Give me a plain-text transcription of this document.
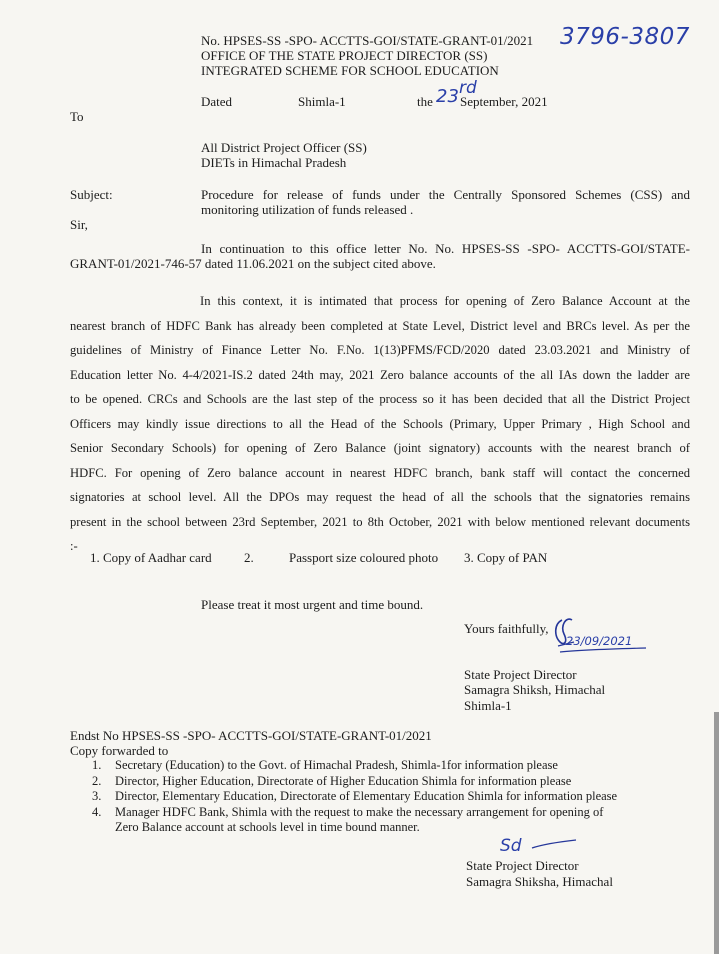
No. HPSES-SS -SPO- ACCTTS-GOI/STATE-GRANT-01/2021 3796-3807
OFFICE OF THE STATE PROJECT DIRECTOR (SS)
INTEGRATED SCHEME FOR SCHOOL EDUCATION
Dated	Shimla-1	the 23 rd
September, 2021
To
All District Project Officer (SS)
DIETs in Himachal Pradesh
Subject:	Procedure for release of funds under the Centrally Sponsored Schemes (CSS) and
monitoring utilization of funds released .
Sir,
In continuation to this office letter No. No. HPSES-SS -SPO- ACCTTS-GOI/STATE-
GRANT-01/2021-746-57 dated 11.06.2021 on the subject cited above.
In this context, it is intimated that process for opening of Zero Balance Account at the
nearest branch of HDFC Bank has already been completed at State Level, District level and BRCs level. As per the
guidelines of Ministry of Finance Letter No. F.No. 1(13)PFMS/FCD/2020 dated 23.03.2021 and Ministry of
Education letter No. 4-4/2021-IS.2 dated 24th may, 2021 Zero balance accounts of the all IAs down the ladder are
to be opened. CRCs and Schools are the last step of the process so it has been decided that all the District Project
Officers may kindly issue directions to all the Head of the Schools (Primary, Upper Primary , High School and
Senior Secondary Schools) for opening of Zero Balance (joint signatory) accounts with the nearest branch of
HDFC. For opening of Zero balance account in nearest HDFC branch, bank staff will contact the concerned
signatories at school level. All the DPOs may request the head of all the schools that the signatories remains
present in the school between 23rd September, 2021 to 8th October, 2021 with below mentioned relevant documents
:-
1. Copy of Aadhar card 2.	Passport size coloured photo 3. Copy of PAN
Please treat it most urgent and time bound.
Yours faithfully,
23/09/2021
State Project Director
Samagra Shiksh, Himachal
Shimla-1
Endst No HPSES-SS -SPO- ACCTTS-GOI/STATE-GRANT-01/2021
Copy forwarded to
1. Secretary (Education) to the Govt. of Himachal Pradesh, Shimla-1for information please
2. Director, Higher Education, Directorate of Higher Education Shimla for information please
3. Director, Elementary Education, Directorate of Elementary Education Shimla for information please
4. Manager HDFC Bank, Shimla with the request to make the necessary arrangement for opening of
Zero Balance account at schools level in time bound manner.
Sd
State Project Director
Samagra Shiksha, Himachal
